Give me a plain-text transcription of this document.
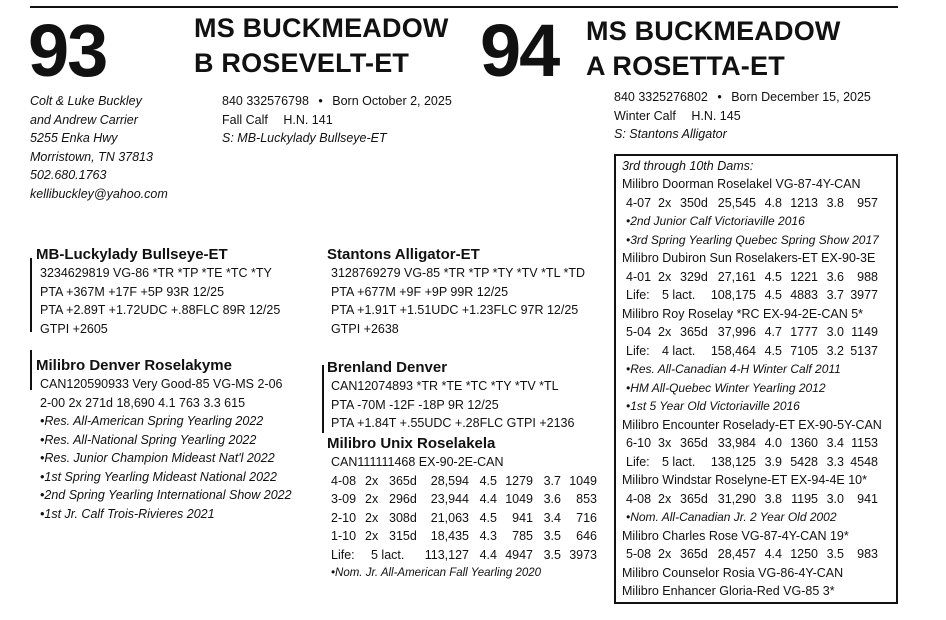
93	MS BUCKMEADOW
B ROSEVELT-ET 94 MS BUCKMEADOW
A ROSETTA-ET
Colt & Luke Buckley
and Andrew Carrier
5255 Enka Hwy
Morristown, TN 37813
502.680.1763
kellibuckley@yahoo.com
840 332576798 • Born October 2, 2025
Fall Calf H.N. 141
S: MB-Luckylady Bullseye-ET
840 3325276802 • Born December 15, 2025
Winter Calf H.N. 145
S: Stantons Alligator
MB-Luckylady Bullseye-ET
3234629819 VG-86 *TR *TP *TE *TC *TY
PTA +367M +17F +5P 93R 12/25
PTA +2.89T +1.72UDC +.88FLC 89R 12/25
GTPI +2605
Milibro Denver Roselakyme
CAN120590933 Very Good-85 VG-MS 2-06
2-00 2x 271d 18,690 4.1 763 3.3 615
•Res. All-American Spring Yearling 2022
•Res. All-National Spring Yearling 2022
•Res. Junior Champion Mideast Nat'l 2022
•1st Spring Yearling Mideast National 2022
•2nd Spring Yearling International Show 2022
•1st Jr. Calf Trois-Rivieres 2021
Stantons Alligator-ET
3128769279 VG-85 *TR *TP *TY *TV *TL *TD
PTA +677M +9F +9P 99R 12/25
PTA +1.91T +1.51UDC +1.23FLC 97R 12/25
GTPI +2638
Brenland Denver
CAN12074893 *TR *TE *TC *TY *TV *TL
PTA -70M -12F -18P 9R 12/25
PTA +1.84T +.55UDC +.28FLC GTPI +2136
Milibro Unix Roselakela
CAN111111468 EX-90-2E-CAN
4-08 2x 365d	28,594 4.5 1279 3.7 1049
3-09 2x 296d	23,944 4.4 1049 3.6	853
2-10 2x 308d	21,063 4.5	941 3.4	716
1-10 2x 315d	18,435 4.3	785 3.5	646
Life:	5 lact.	113,127 4.4 4947 3.5 3973
•Nom. Jr. All-American Fall Yearling 2020
3rd through 10th Dams:
Milibro Doorman Roselakel VG-87-4Y-CAN
4-07 2x 350d 25,545 4.8 1213 3.8	957
•2nd Junior Calf Victoriaville 2016
•3rd Spring Yearling Quebec Spring Show 2017
Milibro Dubiron Sun Roselakers-ET EX-90-3E
4-01 2x 329d 27,161 4.5 1221 3.6	988
Life: 5 lact.	108,175 4.5 4883 3.7 3977
Milibro Roy Roselay *RC EX-94-2E-CAN 5*
5-04 2x 365d 37,996 4.7 1777 3.0 1149
Life: 4 lact.	158,464 4.5 7105 3.2 5137
•Res. All-Canadian 4-H Winter Calf 2011
•HM All-Quebec Winter Yearling 2012
•1st 5 Year Old Victoriaville 2016
Milibro Encounter Roselady-ET EX-90-5Y-CAN
6-10 3x 365d 33,984 4.0 1360 3.4 1153
Life: 5 lact.	138,125 3.9 5428 3.3 4548
Milibro Windstar Roselyne-ET EX-94-4E 10*
4-08 2x 365d 31,290 3.8 1195 3.0	941
•Nom. All-Canadian Jr. 2 Year Old 2002
Milibro Charles Rose VG-87-4Y-CAN 19*
5-08 2x 365d 28,457 4.4 1250 3.5	983
Milibro Counselor Rosia VG-86-4Y-CAN
Milibro Enhancer Gloria-Red VG-85 3*
